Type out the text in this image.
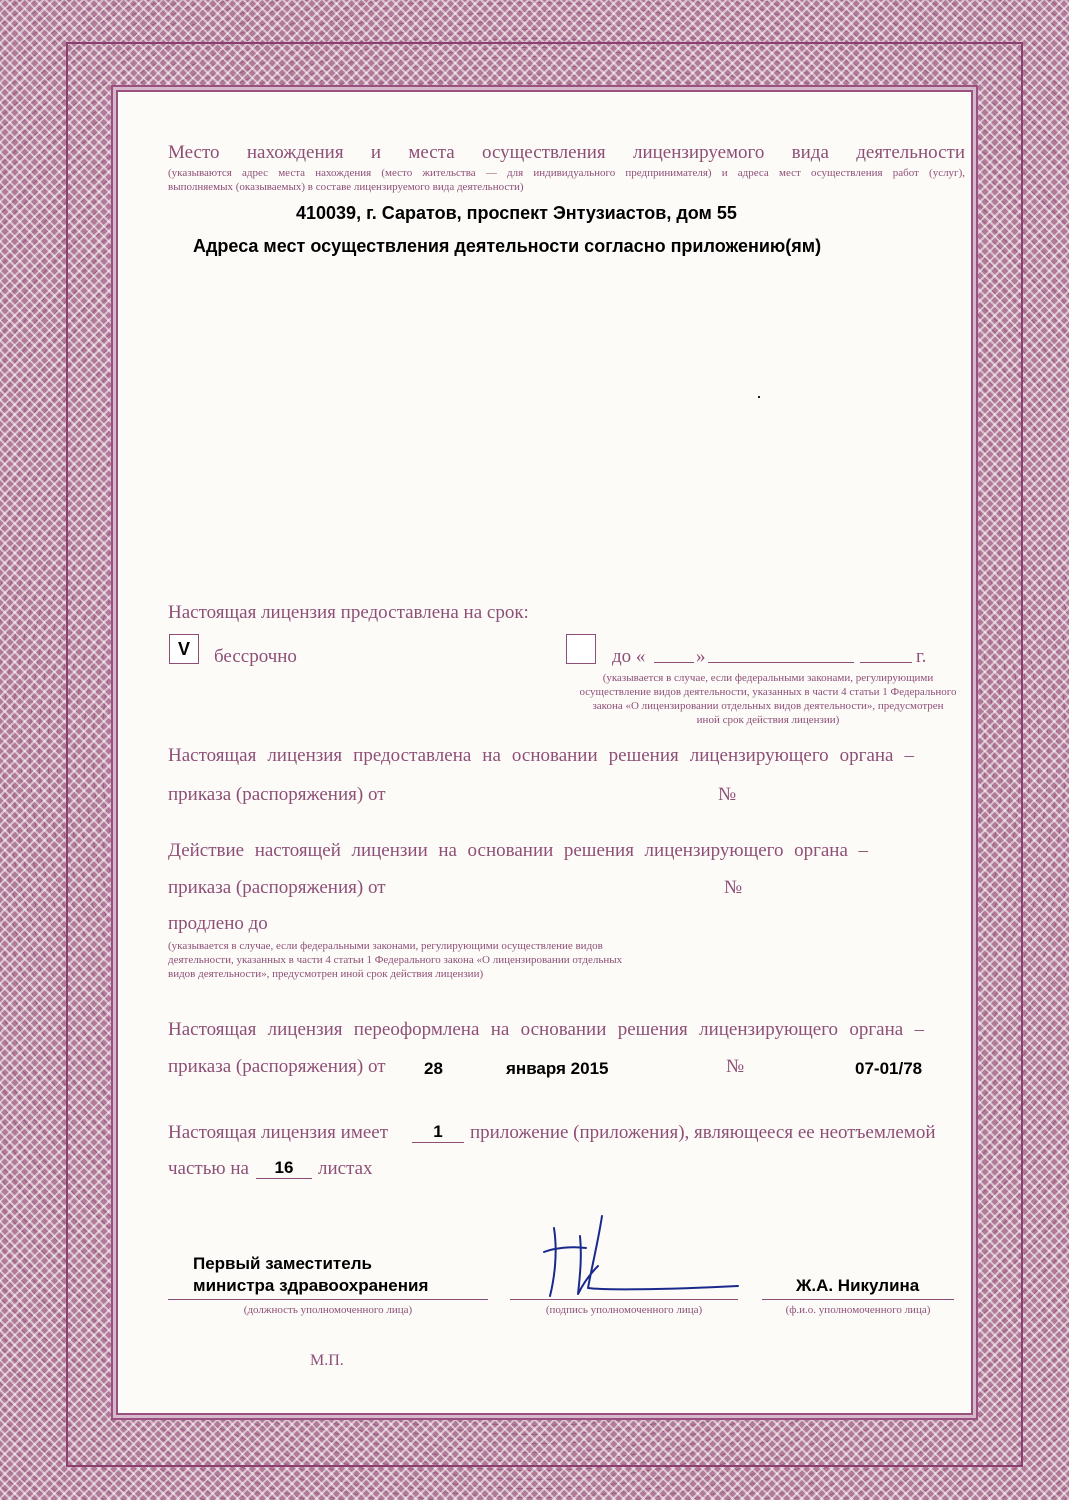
Место нахождения и места осуществления лицензируемого вида деятельности
(указываются адрес места нахождения (место жительства — для индивидуального предпринимателя) и адреса мест осуществления работ (услуг),
выполняемых (оказываемых) в составе лицензируемого вида деятельности)
410039, г. Саратов, проспект Энтузиастов, дом 55
Адреса мест осуществления деятельности согласно приложению(ям)
Настоящая лицензия предоставлена на срок:
V бессрочно	до «	»	г.
(указывается в случае, если федеральными законами, регулирующими
осуществление видов деятельности, указанных в части 4 статьи 1 Федерального
закона «О лицензировании отдельных видов деятельности», предусмотрен
иной срок действия лицензии)
Настоящая лицензия предоставлена на основании решения лицензирующего органа –
приказа (распоряжения) от	№
Действие настоящей лицензии на основании решения лицензирующего органа –
приказа (распоряжения) от	№
продлено до
(указывается в случае, если федеральными законами, регулирующими осуществление видов
деятельности, указанных в части 4 статьи 1 Федерального закона «О лицензировании отдельных
видов деятельности», предусмотрен иной срок действия лицензии)
Настоящая лицензия переоформлена на основании решения лицензирующего органа –
приказа (распоряжения) от 28	января 2015	№	07-01/78
Настоящая лицензия имеет	1	приложение (приложения), являющееся ее неотъемлемой
частью на	16	листах
Первый заместитель
министра здравоохранения
(должность уполномоченного лица)	(подпись уполномоченного лица)
Ж.А. Никулина
(ф.и.о. уполномоченного лица)
М.П.
